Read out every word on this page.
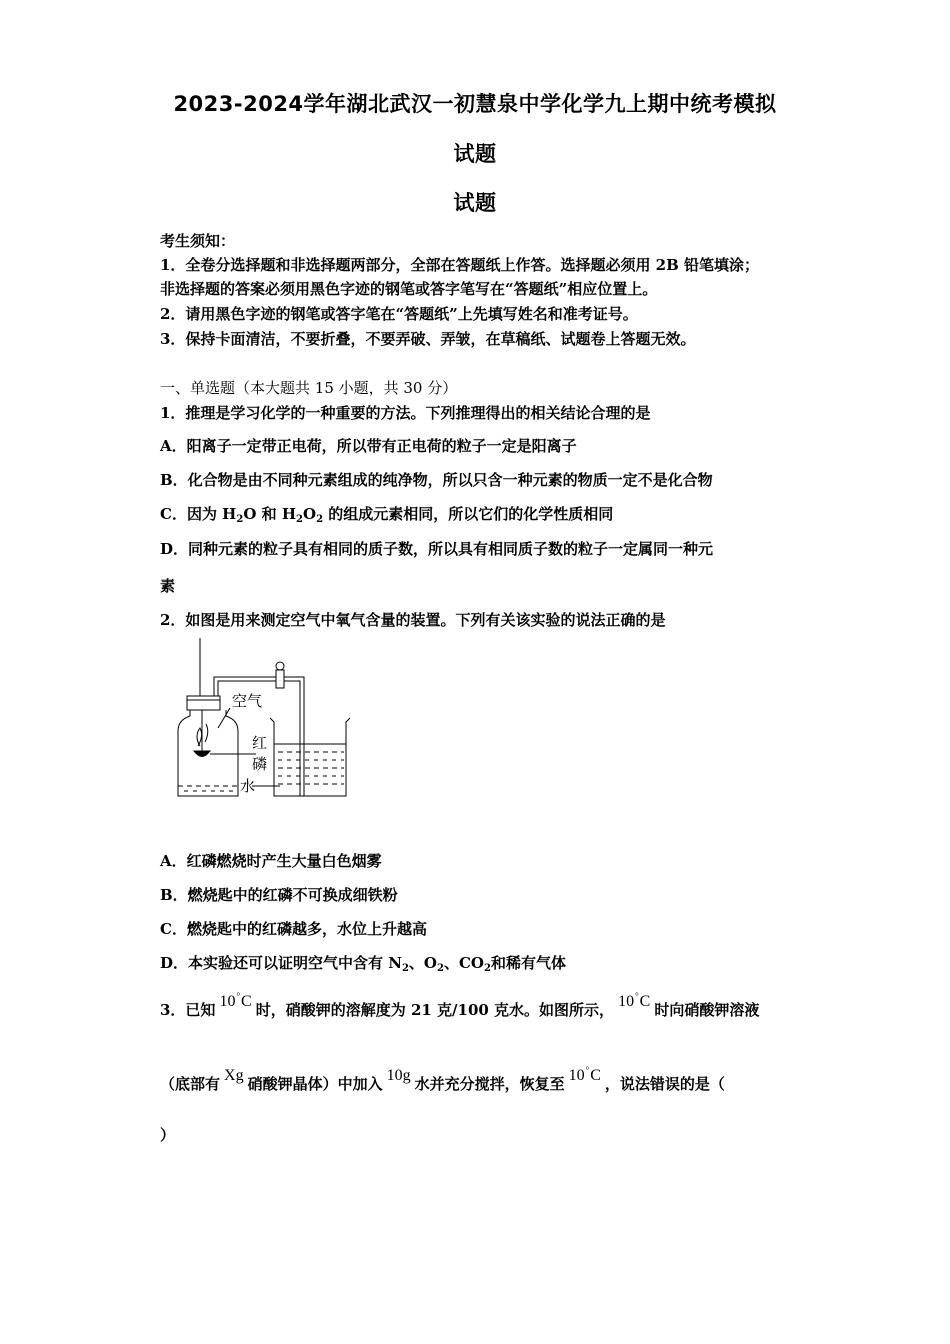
2023-2024学年湖北武汉一初慧泉中学化学九上期中统考模拟
试题
试题
考生须知：
1．全卷分选择题和非选择题两部分，全部在答题纸上作答。选择题必须用 2B 铅笔填涂；
非选择题的答案必须用黑色字迹的钢笔或答字笔写在“答题纸”相应位置上。
2．请用黑色字迹的钢笔或答字笔在“答题纸”上先填写姓名和准考证号。
3．保持卡面清洁，不要折叠，不要弄破、弄皱，在草稿纸、试题卷上答题无效。
一、单选题（本大题共 15 小题，共 30 分）
1．推理是学习化学的一种重要的方法。下列推理得出的相关结论合理的是
A．阳离子一定带正电荷，所以带有正电荷的粒子一定是阳离子
B．化合物是由不同种元素组成的纯净物，所以只含一种元素的物质一定不是化合物
C．因为 $H_2O$ 和 $H_2O_2$ 的组成元素相同，所以它们的化学性质相同
D．同种元素的粒子具有相同的质子数，所以具有相同质子数的粒子一定属同一种元
素
2．如图是用来测定空气中氧气含量的装置。下列有关该实验的说法正确的是
空气
红
磷
水
A．红磷燃烧时产生大量白色烟雾
B．燃烧匙中的红磷不可换成细铁粉
C．燃烧匙中的红磷越多，水位上升越高
D．本实验还可以证明空气中含有 $N_2$、$O_2$、$CO_2$和稀有气体
3．已知 10°C 时，硝酸钾的溶解度为 21 克/100 克水。如图所示， 10°C 时向硝酸钾溶液
（底部有 Xg 硝酸钾晶体）中加入 10g 水并充分搅拌，恢复至 10°C ，说法错误的是（
）
